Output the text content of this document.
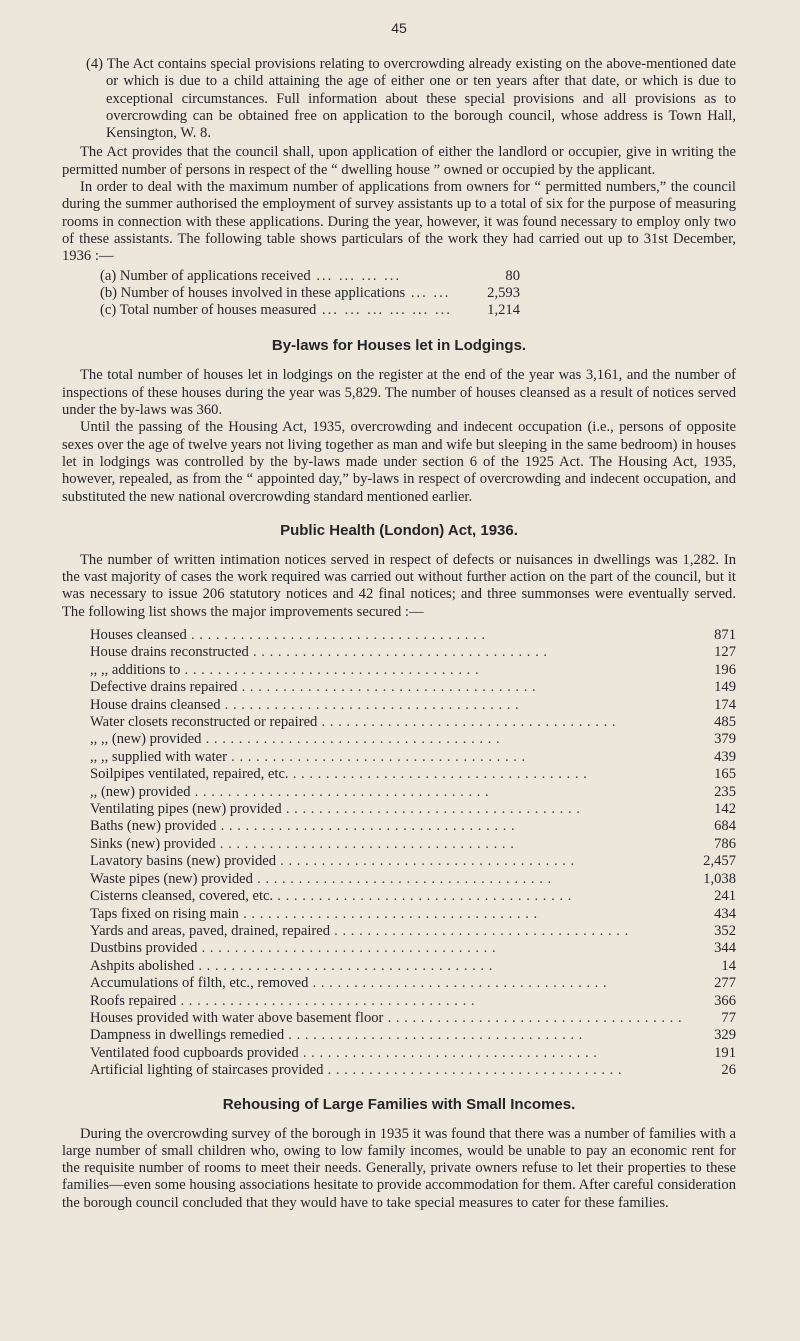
45
(4) The Act contains special provisions relating to overcrowding already existing on the above-mentioned date or which is due to a child attaining the age of either one or ten years after that date, or which is due to exceptional circumstances. Full information about these special provisions and all provisions as to overcrowding can be obtained free on application to the borough council, whose address is Town Hall, Kensington, W. 8.

The Act provides that the council shall, upon application of either the landlord or occupier, give in writing the permitted number of persons in respect of the “ dwelling house ” owned or occupied by the applicant.

In order to deal with the maximum number of applications from owners for “ permitted numbers,” the council during the summer authorised the employment of survey assistants up to a total of six for the purpose of measuring rooms in connection with these applications. During the year, however, it was found necessary to employ only two of these assistants. The following table shows particulars of the work they had carried out up to 31st December, 1936 :—

(a) Number of applications received ... ... ... ...	80
(b) Number of houses involved in these applications ... ...	2,593
(c) Total number of houses measured ... ... ... ... ... ...	1,214
By-laws for Houses let in Lodgings.

The total number of houses let in lodgings on the register at the end of the year was 3,161, and the number of inspections of these houses during the year was 5,829. The number of houses cleansed as a result of notices served under the by-laws was 360.

Until the passing of the Housing Act, 1935, overcrowding and indecent occupation (i.e., persons of opposite sexes over the age of twelve years not living together as man and wife but sleeping in the same bedroom) in houses let in lodgings was controlled by the by-laws made under section 6 of the 1925 Act. The Housing Act, 1935, however, repealed, as from the “ appointed day,” by-laws in respect of overcrowding and indecent occupation, and substituted the new national overcrowding standard mentioned earlier.

Public Health (London) Act, 1936.

The number of written intimation notices served in respect of defects or nuisances in dwellings was 1,282. In the vast majority of cases the work required was carried out without further action on the part of the council, but it was necessary to issue 206 statutory notices and 42 final notices; and three summonses were eventually served. The following list shows the major improvements secured :—

Houses cleansed . . .	871
House drains reconstructed . . .	127
,, ,, additions to . . .	196
Defective drains repaired . . .	149
House drains cleansed . . .	174
Water closets reconstructed or repaired . . .	485
,, ,, (new) provided . . .	379
,, ,, supplied with water . . .	439
Soilpipes ventilated, repaired, etc. . . .	165
,, (new) provided . . .	235
Ventilating pipes (new) provided . . .	142
Baths (new) provided . . .	684
Sinks (new) provided . . .	786
Lavatory basins (new) provided . . .	2,457
Waste pipes (new) provided . . .	1,038
Cisterns cleansed, covered, etc. . . .	241
Taps fixed on rising main . . .	434
Yards and areas, paved, drained, repaired . . .	352
Dustbins provided . . .	344
Ashpits abolished . . .	14
Accumulations of filth, etc., removed . . .	277
Roofs repaired . . .	366
Houses provided with water above basement floor . . .	77
Dampness in dwellings remedied . . .	329
Ventilated food cupboards provided . . .	191
Artificial lighting of staircases provided . . .	26
Rehousing of Large Families with Small Incomes.

During the overcrowding survey of the borough in 1935 it was found that there was a number of families with a large number of small children who, owing to low family incomes, would be unable to pay an economic rent for the requisite number of rooms to meet their needs. Generally, private owners refuse to let their properties to these families—even some housing associations hesitate to provide accommodation for them. After careful consideration the borough council concluded that they would have to take special measures to cater for these families.
